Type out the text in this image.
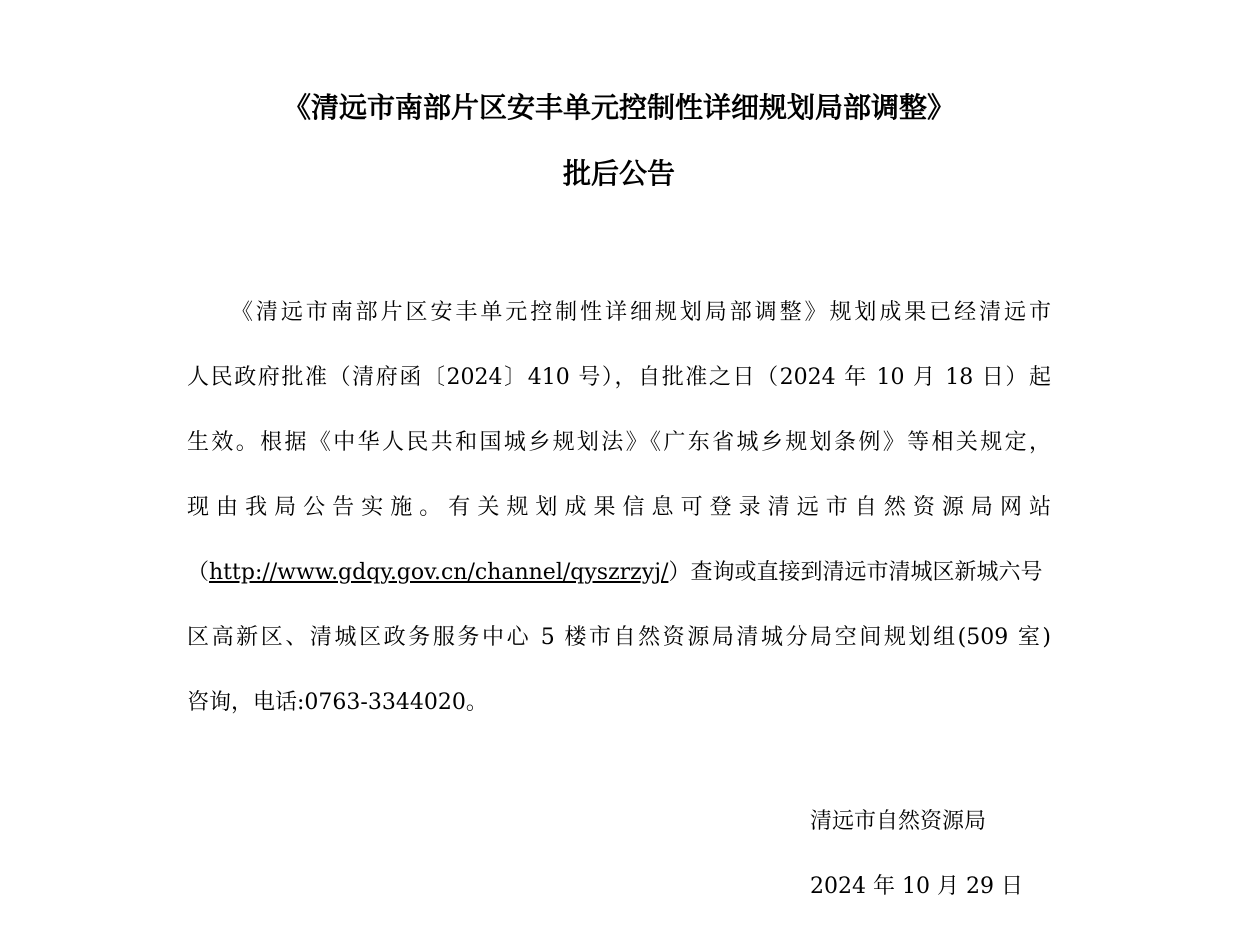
《清远市南部片区安丰单元控制性详细规划局部调整》
批后公告
《清远市南部片区安丰单元控制性详细规划局部调整》规划成果已经清远市
人民政府批准（清府函〔2024〕410 号），自批准之日（2024 年 10 月 18 日）起
生效。根据《中华人民共和国城乡规划法》《广东省城乡规划条例》等相关规定，
现由我局公告实施。有关规划成果信息可登录清远市自然资源局网站
（http://www.gdqy.gov.cn/channel/qyszrzyj/）查询或直接到清远市清城区新城六号
区高新区、清城区政务服务中心 5 楼市自然资源局清城分局空间规划组(509 室)
咨询，电话:0763-3344020。
清远市自然资源局
2024 年 10 月 29 日
